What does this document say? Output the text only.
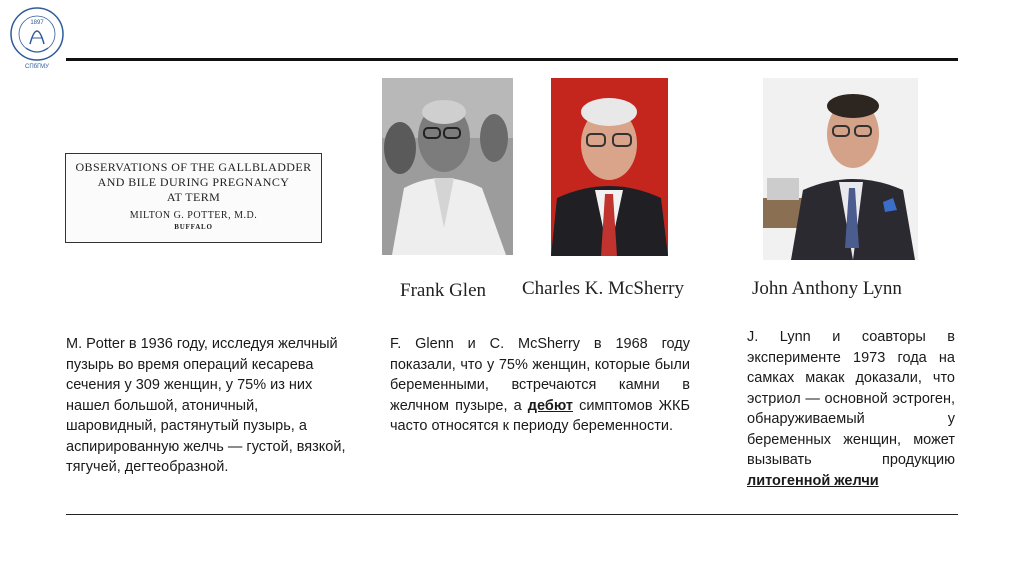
1897
СПбГМУ
OBSERVATIONS OF THE GALLBLADDER
AND BILE DURING PREGNANCY
AT TERM
MILTON G. POTTER, M.D.
BUFFALO
Frank Glen Charles K. McSherry	John Anthony Lynn
M. Potter в 1936 году, исследуя желчный пузырь во время операций кесарева сечения у 309 женщин, у 75% из них нашел большой, атоничный, шаровидный, растянутый пузырь, а аспирированную желчь — густой, вязкой, тягучей, дегтеобразной.
F. Glenn и C. McSherry в 1968 году показали, что у 75% женщин, которые были беременными, встречаются камни в желчном пузыре, а дебют симптомов ЖКБ часто относятся к периоду беременности.
J. Lynn и соавторы в эксперименте 1973 года на самках макак доказали, что эстриол — основной эстроген, обнаруживаемый у беременных женщин, может вызывать продукцию литогенной желчи
